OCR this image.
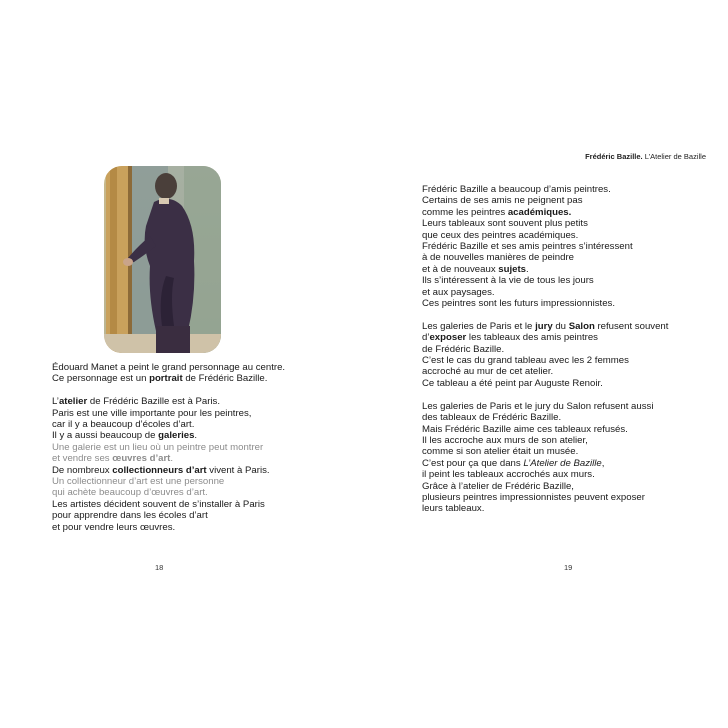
Édouard Manet a peint le grand personnage au centre.
Ce personnage est un portrait de Frédéric Bazille.
L’atelier de Frédéric Bazille est à Paris.
Paris est une ville importante pour les peintres,
car il y a beaucoup d’écoles d’art.
Il y a aussi beaucoup de galeries.
Une galerie est un lieu où un peintre peut montrer
et vendre ses œuvres d’art.
De nombreux collectionneurs d’art vivent à Paris.
Un collectionneur d’art est une personne
qui achète beaucoup d’œuvres d’art.
Les artistes décident souvent de s’installer à Paris
pour apprendre dans les écoles d’art
et pour vendre leurs œuvres.
18
Frédéric Bazille. L’Atelier de Bazille
Frédéric Bazille a beaucoup d’amis peintres.
Certains de ses amis ne peignent pas
comme les peintres académiques.
Leurs tableaux sont souvent plus petits
que ceux des peintres académiques.
Frédéric Bazille et ses amis peintres s’intéressent
à de nouvelles manières de peindre
et à de nouveaux sujets.
Ils s’intéressent à la vie de tous les jours
et aux paysages.
Ces peintres sont les futurs impressionnistes.
Les galeries de Paris et le jury du Salon refusent souvent
d’exposer les tableaux des amis peintres
de Frédéric Bazille.
C’est le cas du grand tableau avec les 2 femmes
accroché au mur de cet atelier.
Ce tableau a été peint par Auguste Renoir.
Les galeries de Paris et le jury du Salon refusent aussi
des tableaux de Frédéric Bazille.
Mais Frédéric Bazille aime ces tableaux refusés.
Il les accroche aux murs de son atelier,
comme si son atelier était un musée.
C’est pour ça que dans L’Atelier de Bazille,
il peint les tableaux accrochés aux murs.
Grâce à l’atelier de Frédéric Bazille,
plusieurs peintres impressionnistes peuvent exposer
leurs tableaux.
19
